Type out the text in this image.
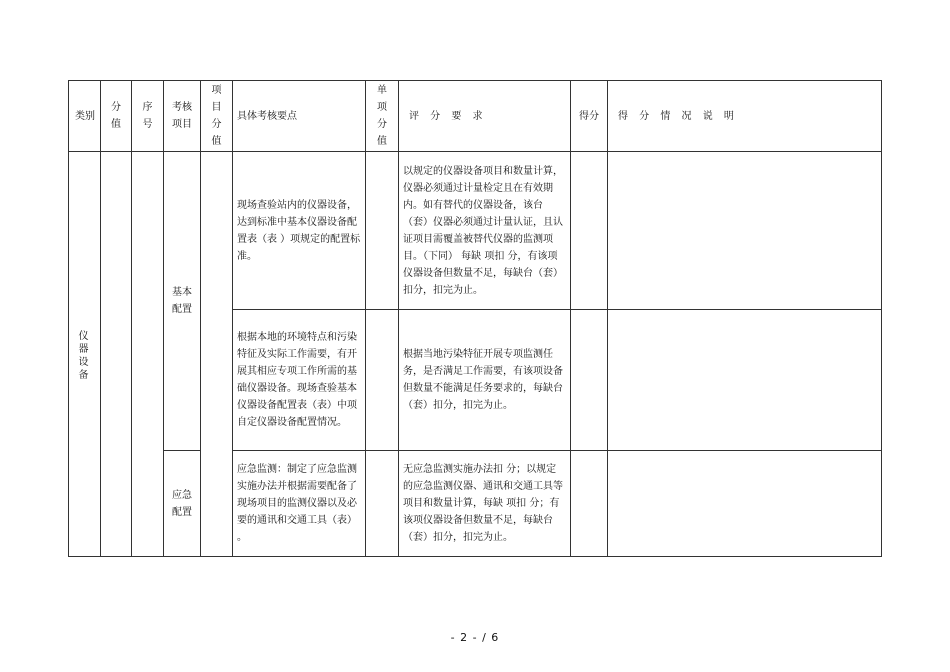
类别	分值	序号	考核项目	项目分值	具体考核要点	单项分值	评 分 要 求	得分	得 分 情 况 说 明

仪器设备			基本配置		现场查验站内的仪器设备，达到标准中基本仪器设备配置表（表 ）项规定的配置标准。		以规定的仪器设备项目和数量计算，仪器必须通过计量检定且在有效期内。如有替代的仪器设备，该台（套）仪器必须通过计量认证，且认证项目需覆盖被替代仪器的监测项目。（下同） 每缺 项扣 分，有该项仪器设备但数量不足，每缺台（套）扣分，扣完为止。		

					根据本地的环境特点和污染特征及实际工作需要，有开展其相应专项工作所需的基础仪器设备。现场查验基本仪器设备配置表（表）中项自定仪器设备配置情况。		根据当地污染特征开展专项监测任务，是否满足工作需要，有该项设备但数量不能满足任务要求的，每缺台（套）扣分，扣完为止。		

			应急配置		应急监测：制定了应急监测实施办法并根据需要配备了现场项目的监测仪器以及必要的通讯和交通工具（表） 。		无应急监测实施办法扣 分；以规定的应急监测仪器、通讯和交通工具等项目和数量计算，每缺 项扣 分；有该项仪器设备但数量不足，每缺台（套）扣分，扣完为止。		

- 2 - / 6
